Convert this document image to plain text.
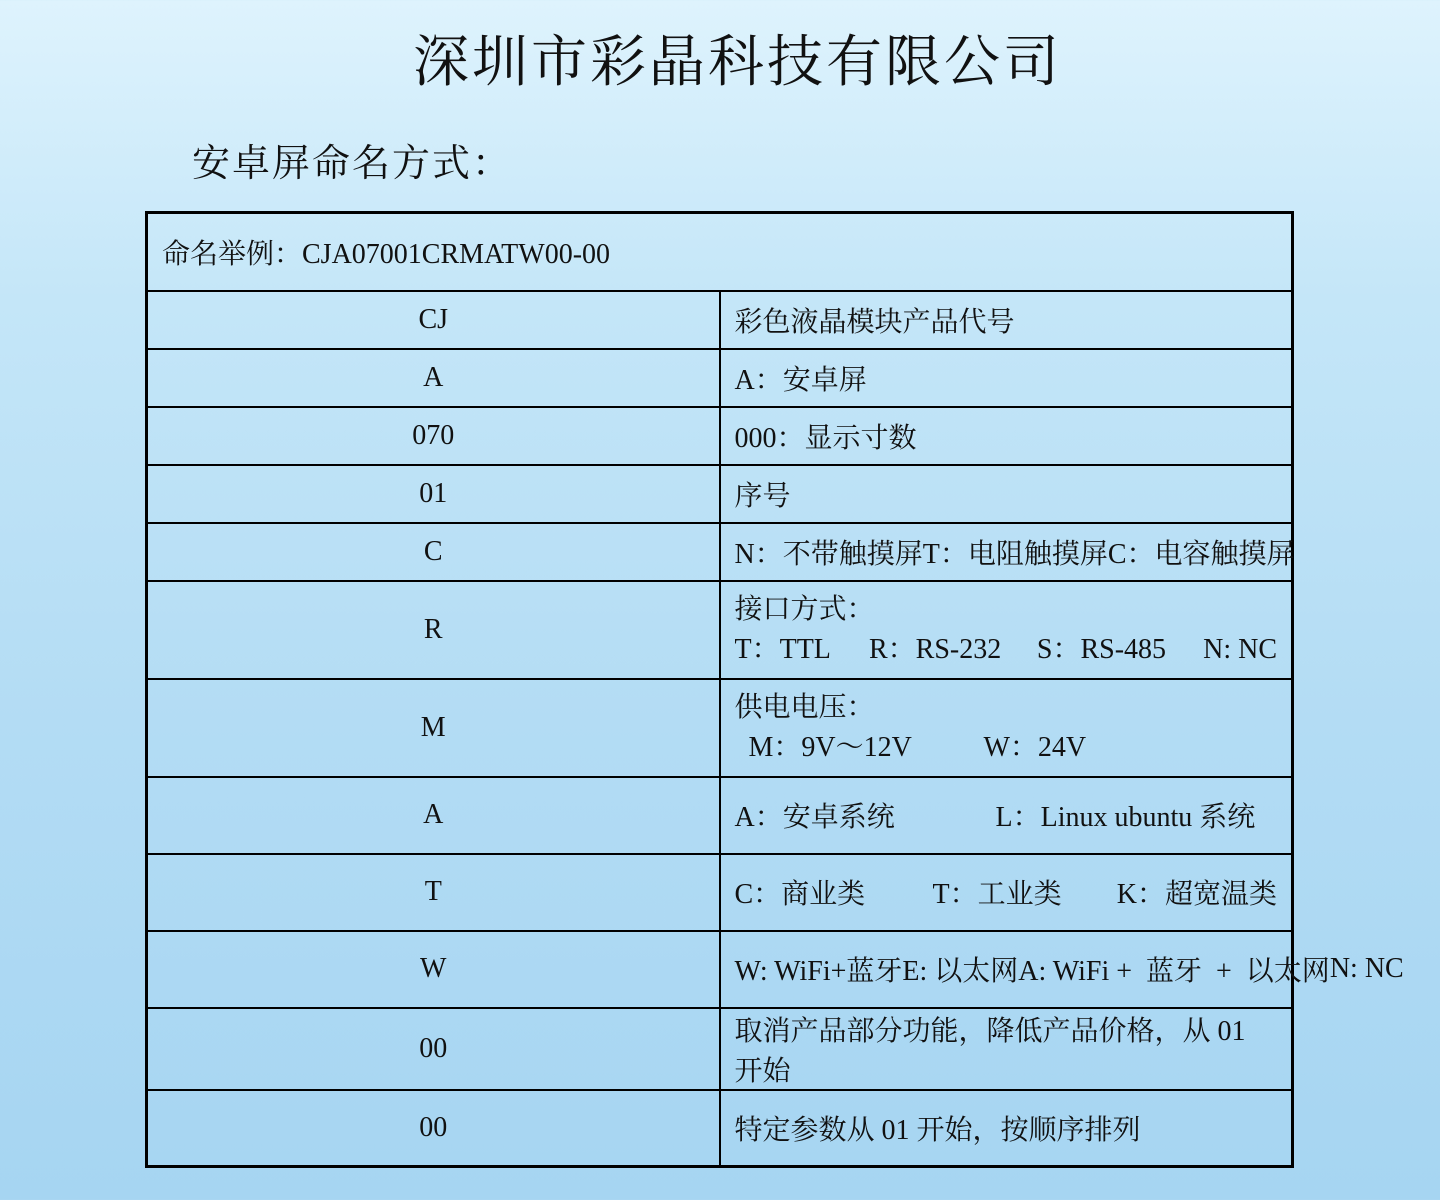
深圳市彩晶科技有限公司
安卓屏命名方式：
命名举例：CJA07001CRMATW00-00	
CJ	彩色液晶模块产品代号
A	A：安卓屏
070	000：显示寸数
01	序号
C	N：不带触摸屏 T：电阻触摸屏 C：电容触摸屏

R	接口方式：
T：TTL R：RS-232 S：RS-485 N: NC

M	供电电压：
M：9V～12V W：24V

A	A：安卓系统 L：Linux ubuntu 系统

T	C：商业类 T：工业类 K：超宽温类

W	W: WiFi+蓝牙 E: 以太网 A: WiFi +  蓝牙  +  以太网 N: NC

00	取消产品部分功能，降低产品价格，从 01 开始
00	特定参数从 01 开始，按顺序排列
